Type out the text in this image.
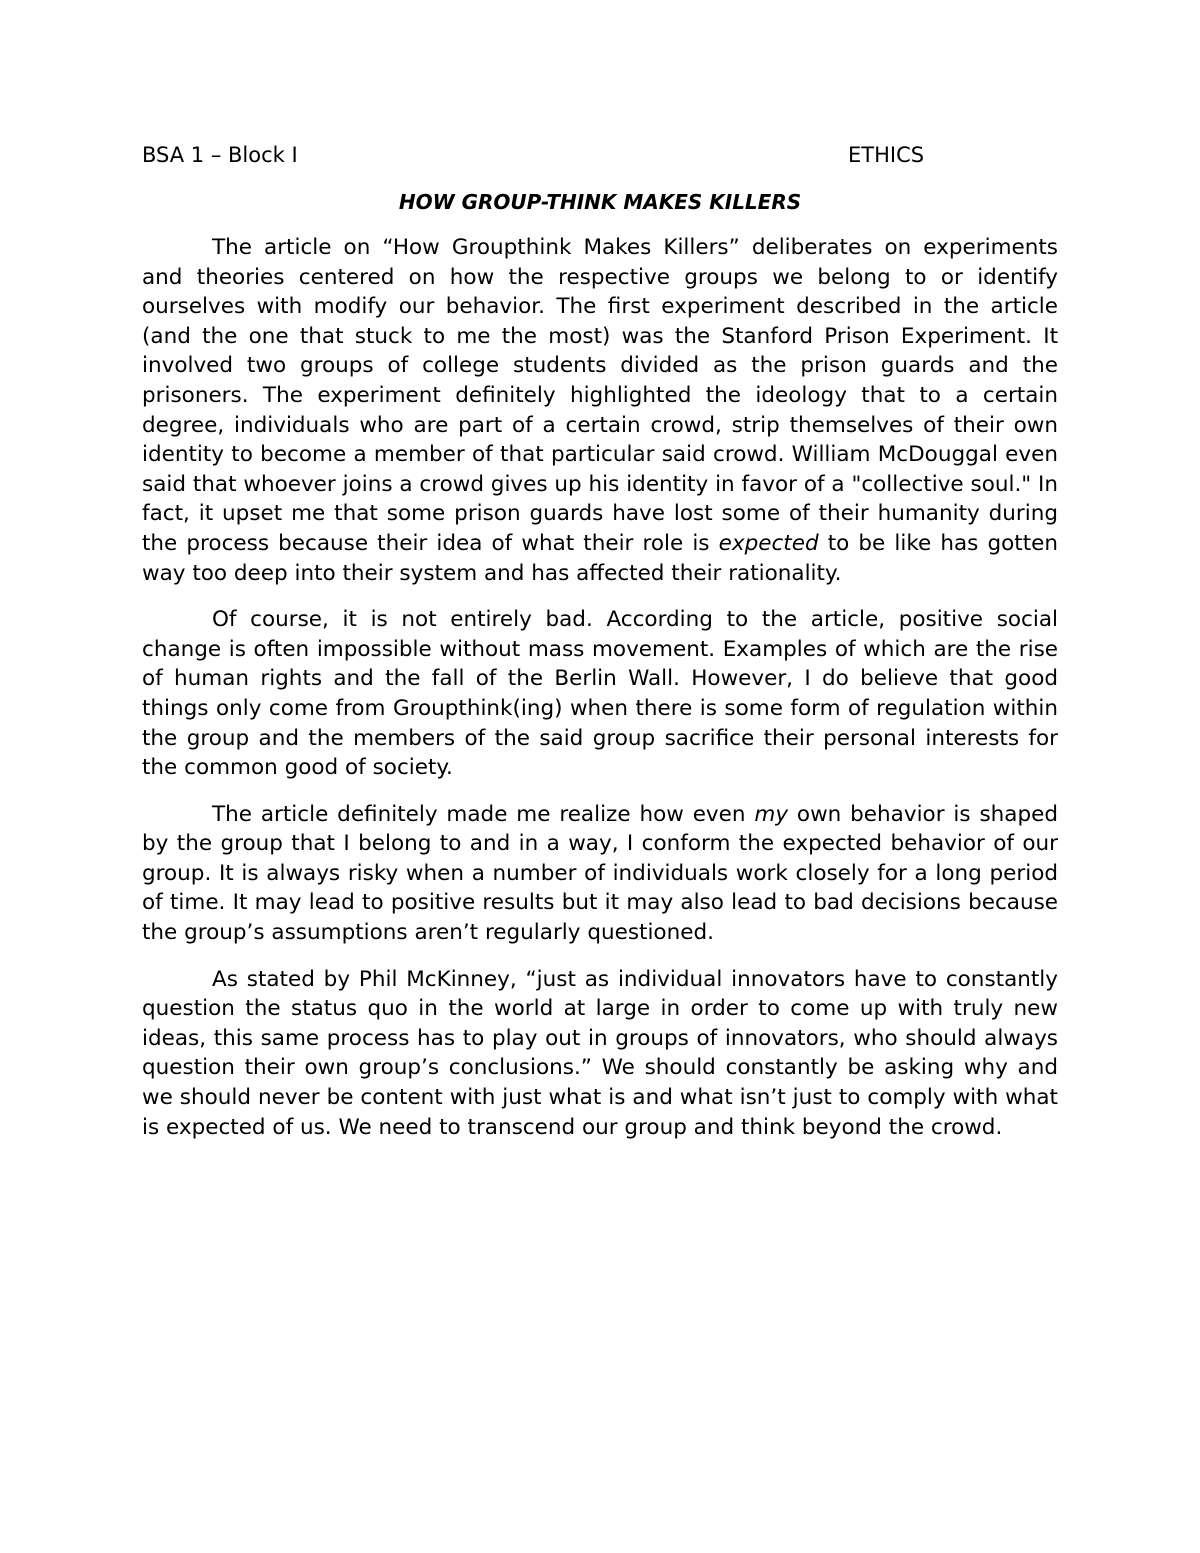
BSA 1 – Block I	ETHICS
HOW GROUP-THINK MAKES KILLERS

The article on “How Groupthink Makes Killers” deliberates on experiments and theories centered on how the respective groups we belong to or identify ourselves with modify our behavior. The first experiment described in the article (and the one that stuck to me the most) was the Stanford Prison Experiment. It involved two groups of college students divided as the prison guards and the prisoners. The experiment definitely highlighted the ideology that to a certain degree, individuals who are part of a certain crowd, strip themselves of their own identity to become a member of that particular said crowd. William McDouggal even said that whoever joins a crowd gives up his identity in favor of a "collective soul." In fact, it upset me that some prison guards have lost some of their humanity during the process because their idea of what their role is expected to be like has gotten way too deep into their system and has affected their rationality.

Of course, it is not entirely bad. According to the article, positive social change is often impossible without mass movement. Examples of which are the rise of human rights and the fall of the Berlin Wall. However, I do believe that good things only come from Groupthink(ing) when there is some form of regulation within the group and the members of the said group sacrifice their personal interests for the common good of society.

The article definitely made me realize how even my own behavior is shaped by the group that I belong to and in a way, I conform the expected behavior of our group. It is always risky when a number of individuals work closely for a long period of time. It may lead to positive results but it may also lead to bad decisions because the group’s assumptions aren’t regularly questioned.

As stated by Phil McKinney, “just as individual innovators have to constantly question the status quo in the world at large in order to come up with truly new ideas, this same process has to play out in groups of innovators, who should always question their own group’s conclusions.” We should constantly be asking why and we should never be content with just what is and what isn’t just to comply with what is expected of us. We need to transcend our group and think beyond the crowd.
